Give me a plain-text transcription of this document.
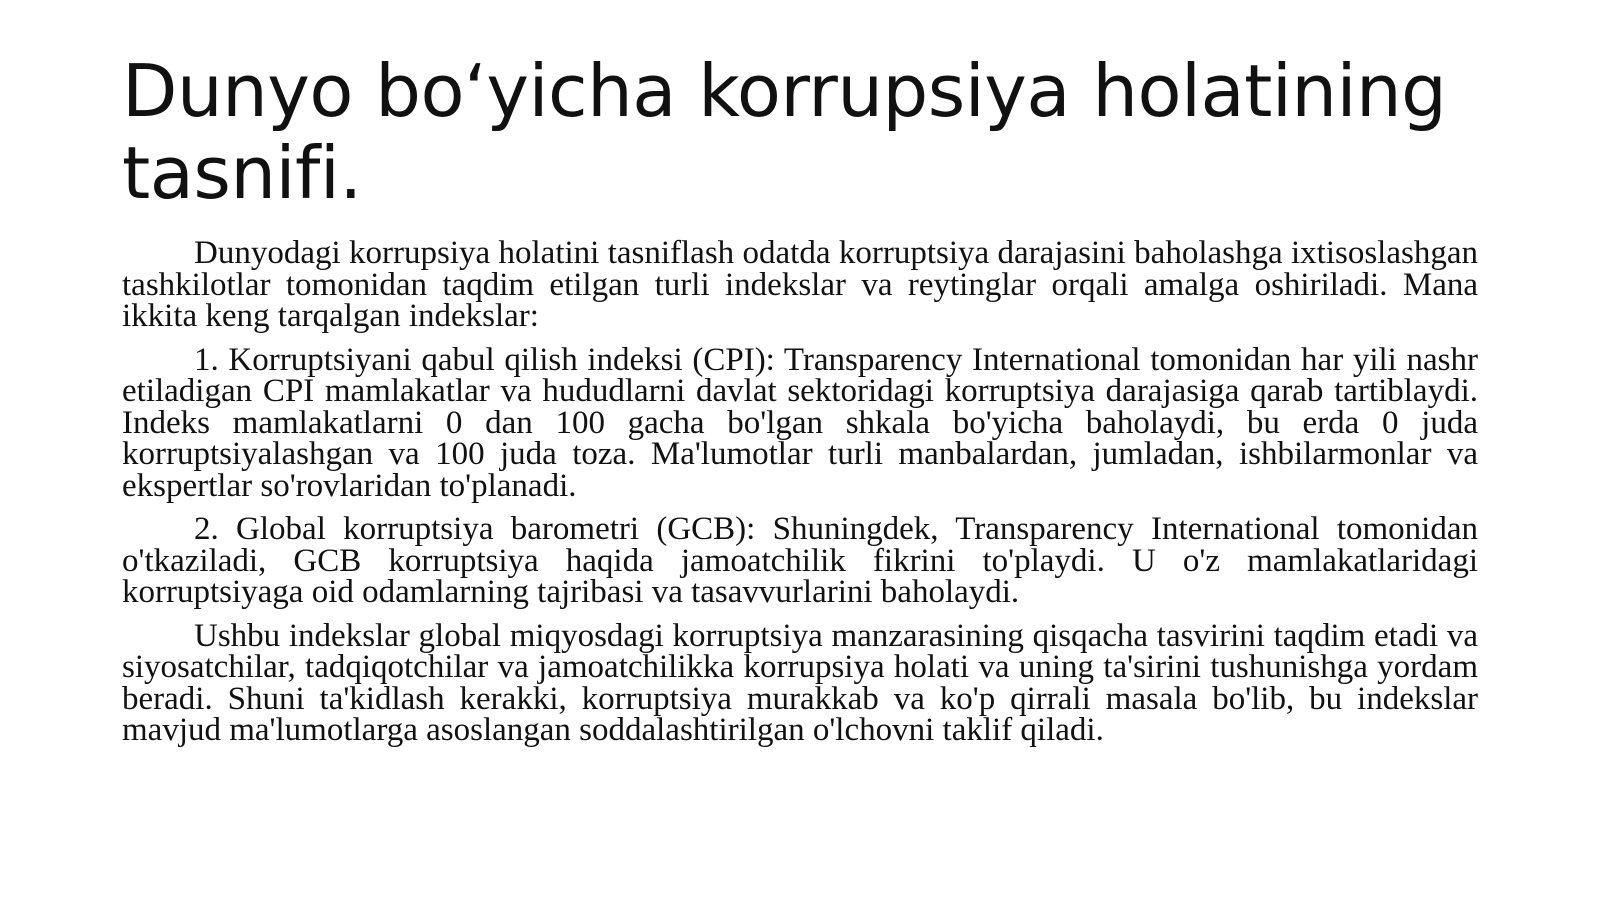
Dunyo bo‘yicha korrupsiya holatining tasnifi.

Dunyodagi korrupsiya holatini tasniflash odatda korruptsiya darajasini baholashga ixtisoslashgan tashkilotlar tomonidan taqdim etilgan turli indekslar va reytinglar orqali amalga oshiriladi. Mana ikkita keng tarqalgan indekslar:

1. Korruptsiyani qabul qilish indeksi (CPI): Transparency International tomonidan har yili nashr etiladigan CPI mamlakatlar va hududlarni davlat sektoridagi korruptsiya darajasiga qarab tartiblaydi. Indeks mamlakatlarni 0 dan 100 gacha bo'lgan shkala bo'yicha baholaydi, bu erda 0 juda korruptsiyalashgan va 100 juda toza. Ma'lumotlar turli manbalardan, jumladan, ishbilarmonlar va ekspertlar so'rovlaridan to'planadi.

2. Global korruptsiya barometri (GCB): Shuningdek, Transparency International tomonidan o'tkaziladi, GCB korruptsiya haqida jamoatchilik fikrini to'playdi. U o'z mamlakatlaridagi korruptsiyaga oid odamlarning tajribasi va tasavvurlarini baholaydi.

Ushbu indekslar global miqyosdagi korruptsiya manzarasining qisqacha tasvirini taqdim etadi va siyosatchilar, tadqiqotchilar va jamoatchilikka korrupsiya holati va uning ta'sirini tushunishga yordam beradi. Shuni ta'kidlash kerakki, korruptsiya murakkab va ko'p qirrali masala bo'lib, bu indekslar mavjud ma'lumotlarga asoslangan soddalashtirilgan o'lchovni taklif qiladi.
